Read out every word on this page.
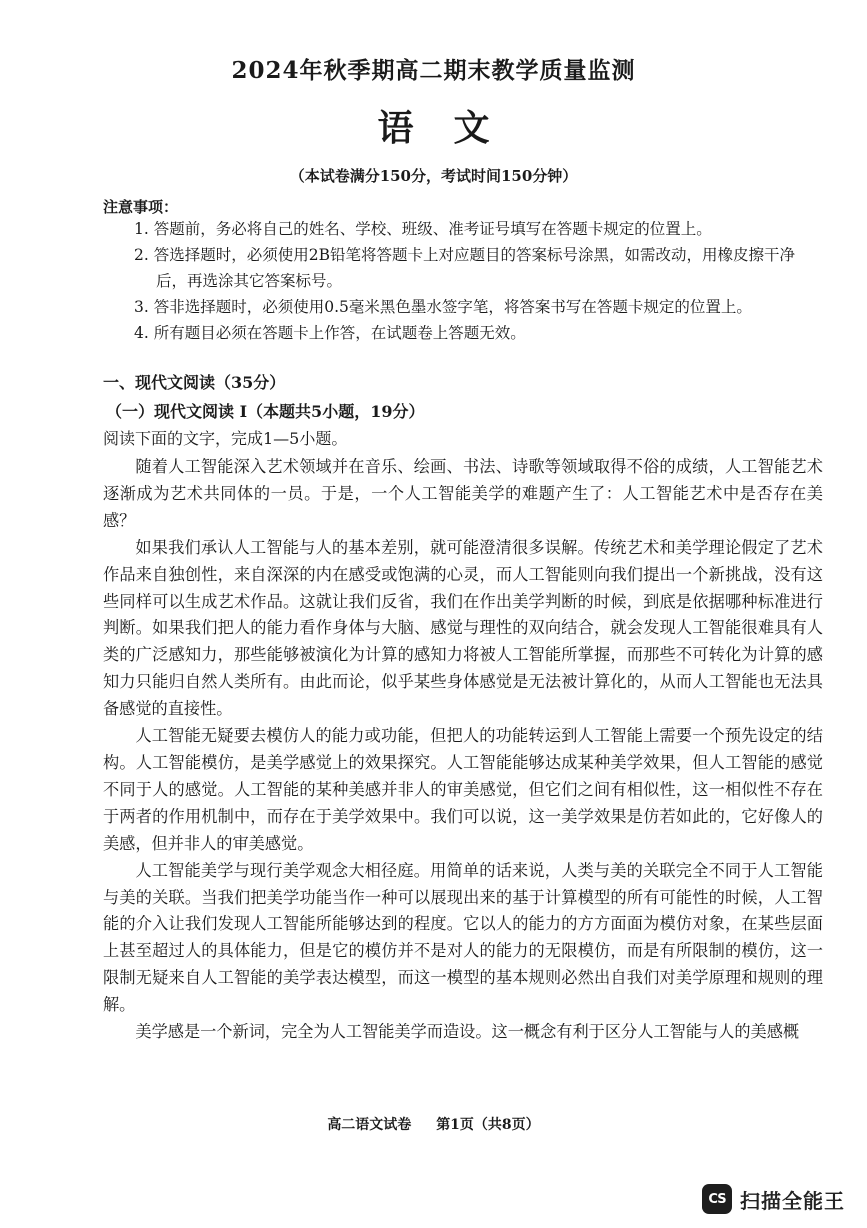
2024年秋季期高二期末教学质量监测
语文
（本试卷满分150分，考试时间150分钟）
注意事项：
1. 答题前，务必将自己的姓名、学校、班级、准考证号填写在答题卡规定的位置上。
2. 答选择题时，必须使用2B铅笔将答题卡上对应题目的答案标号涂黑，如需改动，用橡皮擦干净后，再选涂其它答案标号。
3. 答非选择题时，必须使用0.5毫米黑色墨水签字笔，将答案书写在答题卡规定的位置上。
4. 所有题目必须在答题卡上作答，在试题卷上答题无效。
一、现代文阅读（35分）
（一）现代文阅读 I（本题共5小题，19分）
阅读下面的文字，完成1—5小题。

随着人工智能深入艺术领域并在音乐、绘画、书法、诗歌等领域取得不俗的成绩，人工智能艺术逐渐成为艺术共同体的一员。于是，一个人工智能美学的难题产生了：人工智能艺术中是否存在美感？

如果我们承认人工智能与人的基本差别，就可能澄清很多误解。传统艺术和美学理论假定了艺术作品来自独创性，来自深深的内在感受或饱满的心灵，而人工智能则向我们提出一个新挑战，没有这些同样可以生成艺术作品。这就让我们反省，我们在作出美学判断的时候，到底是依据哪种标准进行判断。如果我们把人的能力看作身体与大脑、感觉与理性的双向结合，就会发现人工智能很难具有人类的广泛感知力，那些能够被演化为计算的感知力将被人工智能所掌握，而那些不可转化为计算的感知力只能归自然人类所有。由此而论，似乎某些身体感觉是无法被计算化的，从而人工智能也无法具备感觉的直接性。

人工智能无疑要去模仿人的能力或功能，但把人的功能转运到人工智能上需要一个预先设定的结构。人工智能模仿，是美学感觉上的效果探究。人工智能能够达成某种美学效果，但人工智能的感觉不同于人的感觉。人工智能的某种美感并非人的审美感觉，但它们之间有相似性，这一相似性不存在于两者的作用机制中，而存在于美学效果中。我们可以说，这一美学效果是仿若如此的，它好像人的美感，但并非人的审美感觉。

人工智能美学与现行美学观念大相径庭。用简单的话来说，人类与美的关联完全不同于人工智能与美的关联。当我们把美学功能当作一种可以展现出来的基于计算模型的所有可能性的时候，人工智能的介入让我们发现人工智能所能够达到的程度。它以人的能力的方方面面为模仿对象，在某些层面上甚至超过人的具体能力，但是它的模仿并不是对人的能力的无限模仿，而是有所限制的模仿，这一限制无疑来自人工智能的美学表达模型，而这一模型的基本规则必然出自我们对美学原理和规则的理解。

美学感是一个新词，完全为人工智能美学而造设。这一概念有利于区分人工智能与人的美感概

高二语文试卷 第1页（共8页）
CS 扫描全能王
